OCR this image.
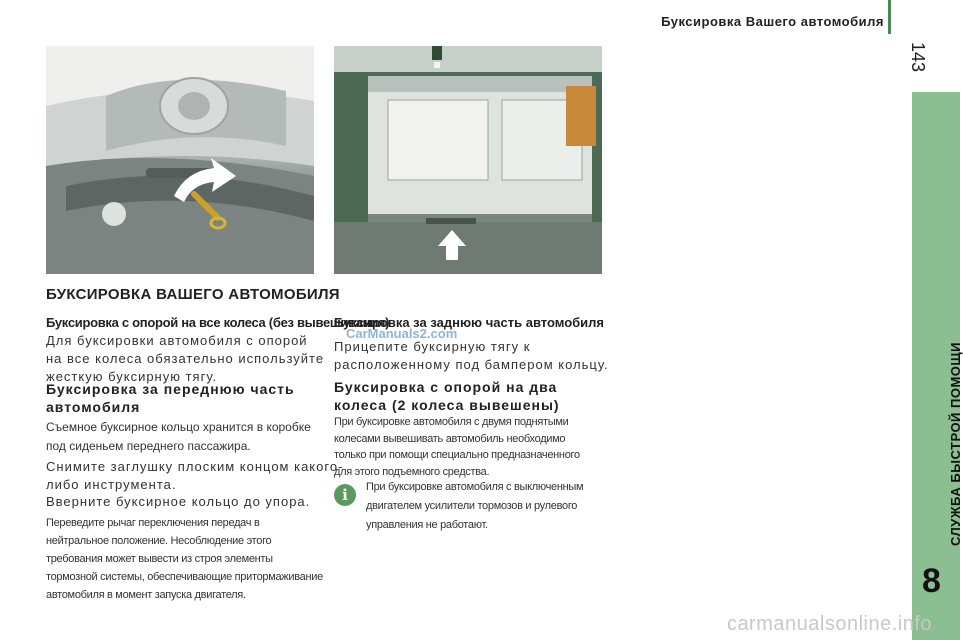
Буксировка Вашего автомобиля
143
СЛУЖБА БЫСТРОЙ ПОМОЩИ
8
БУКСИРОВКА ВАШЕГО АВТОМОБИЛЯ
Буксировка с опорой на все колеса (без вывешивания)
Для буксировки автомобиля с опорой
на все колеса обязательно используйте
жесткую буксирную тягу.
Буксировка за переднюю часть
автомобиля
Съемное буксирное кольцо хранится в коробке
под сиденьем переднего пассажира.
Снимите заглушку плоским концом какого-
либо инструмента.
Вверните буксирное кольцо до упора.
Переведите рычаг переключения передач в
нейтральное положение. Несоблюдение этого
требования может вывести из строя элементы
тормозной системы, обеспечивающие притормаживание
автомобиля в момент запуска двигателя.
Буксировка за заднюю часть автомобиля
CarManuals2.com
Прицепите буксирную тягу к
расположенному под бампером кольцу.
Буксировка с опорой на два
колеса (2 колеса вывешены)
При буксировке автомобиля с двумя поднятыми
колесами вывешивать автомобиль необходимо
только при помощи специально предназначенного
для этого подъемного средства.
i	При буксировке автомобиля с выключенным
двигателем усилители тормозов и рулевого
управления не работают.
carmanualsonline.info
